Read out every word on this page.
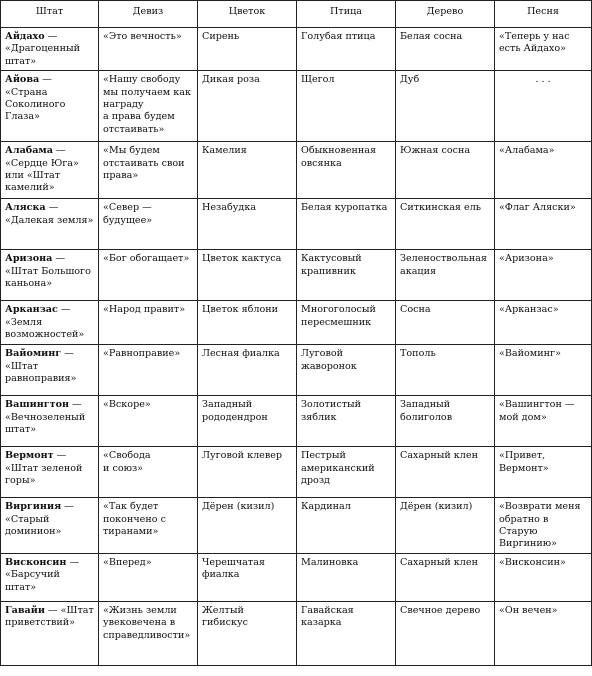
Штат	Девиз	Цветок	Птица	Дерево	Песня
Айдахо — «Драгоценный штат»	«Это вечность»	Сирень	Голубая птица	Белая сосна	«Теперь у нас есть Айдахо»
Айова — «Страна Соколиного Глаза»	«Нашу свободу мы получаем как награду
а права будем отстаивать»	Дикая роза	Щегол	Дуб	. . .
Алабама — «Сердце Юга» или «Штат камелий»	«Мы будем отстаивать свои права»	Камелия	Обыкновенная овсянка	Южная сосна	«Алабама»
Аляска — «Далекая земля»	«Север — будущее»	Незабудка	Белая куропатка	Ситкинская ель	«Флаг Аляски»
Аризона — «Штат Большого каньона»	«Бог обогащает»	Цветок кактуса	Кактусовый крапивник	Зеленоствольная акация	«Аризона»
Арканзас — «Земля возможностей»	«Народ правит»	Цветок яблони	Многоголосый пересмешник	Сосна	«Арканзас»
Вайоминг — «Штат равноправия»	«Равноправие»	Лесная фиалка	Луговой жаворонок	Тополь	«Вайоминг»
Вашингтон — «Вечнозеленый штат»	«Вскоре»	Западный рододендрон	Золотистый зяблик	Западный болиголов	«Вашингтон — мой дом»
Вермонт — «Штат зеленой горы»	«Свобода
и союз»	Луговой клевер	Пестрый американский дрозд	Сахарный клен	«Привет, Вермонт»
Виргиния — «Старый доминион»	«Так будет покончено с тиранами»	Дёрен (кизил)	Кардинал	Дёрен (кизил)	«Возврати меня обратно в Старую Виргинию»
Висконсин — «Барсучий штат»	«Вперед»	Черешчатая фиалка	Малиновка	Сахарный клен	«Висконсин»
Гавайи — «Штат приветствий»	«Жизнь земли увековечена в справедливости»	Желтый гибискус	Гавайская казарка	Свечное дерево	«Он вечен»
